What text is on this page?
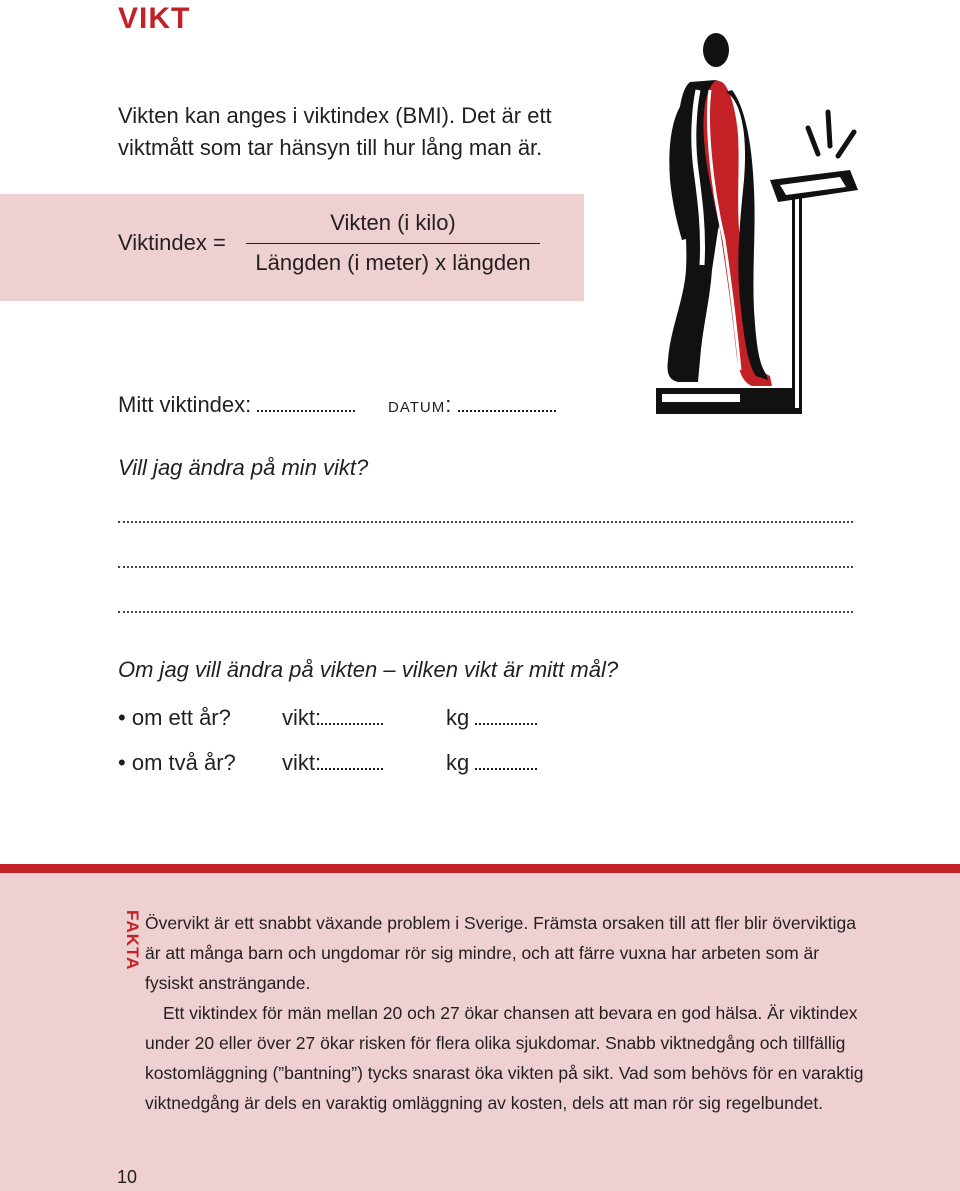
VIKT
Vikten kan anges i viktindex (BMI). Det är ett
viktmått som tar hänsyn till hur lång man är.
Viktindex =
Vikten (i kilo)
Längden (i meter) x längden
Mitt viktindex:	datum:
Vill jag ändra på min vikt?
Om jag vill ändra på vikten – vilken vikt är mitt mål?
• om ett år? vikt:	kg
• om två år? vikt:	kg
FAKTA Övervikt är ett snabbt växande problem i Sverige. Främsta orsaken till att fler blir överviktiga är att många barn och ungdomar rör sig mindre, och att färre vuxna har arbeten som är fysiskt ansträngande.

Ett viktindex för män mellan 20 och 27 ökar chansen att bevara en god hälsa. Är viktindex under 20 eller över 27 ökar risken för flera olika sjukdomar. Snabb viktnedgång och tillfällig kostomläggning (”bantning”) tycks snarast öka vikten på sikt. Vad som behövs för en varaktig viktnedgång är dels en varaktig omläggning av kosten, dels att man rör sig regelbundet.

10
